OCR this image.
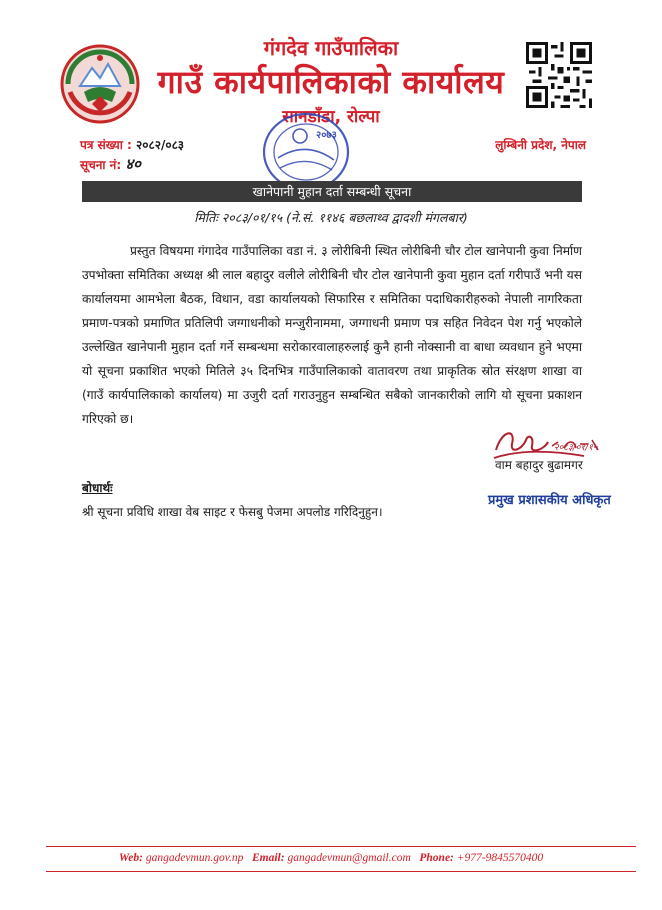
गंगदेव गाउँपालिका
गाउँ कार्यपालिकाको कार्यालय
सानडाँडा, रोल्पा
पत्र संख्या : २०८२/०८३
सूचना नं: ४०
लुम्बिनी प्रदेश, नेपाल
२०७३
खानेपानी मुहान दर्ता सम्बन्धी सूचना
मितिः २०८३/०१/१५ (ने.सं. ११४६ बछलाथ्व द्वादशी मंगलबार)
प्रस्तुत विषयमा गंगादेव गाउँपालिका वडा नं. ३ लोरीबिनी स्थित लोरीबिनी चौर टोल खानेपानी कुवा निर्माण उपभोक्ता समितिका अध्यक्ष श्री लाल बहादुर वलीले लोरीबिनी चौर टोल खानेपानी कुवा मुहान दर्ता गरीपाउँ भनी यस कार्यालयमा आमभेला बैठक, विधान, वडा कार्यालयको सिफारिस र समितिका पदाधिकारीहरुको नेपाली नागरिकता प्रमाण-पत्रको प्रमाणित प्रतिलिपी जग्गाधनीको मन्जुरीनाममा, जग्गाधनी प्रमाण पत्र सहित निवेदन पेश गर्नु भएकोले उल्लेखित खानेपानी मुहान दर्ता गर्ने सम्बन्धमा सरोकारवालाहरुलाई कुनै हानी नोक्सानी वा बाधा व्यवधान हुने भएमा यो सूचना प्रकाशित भएको मितिले ३५ दिनभित्र गाउँपालिकाको वातावरण तथा प्राकृतिक स्रोत संरक्षण शाखा वा (गाउँ कार्यपालिकाको कार्यालय) मा उजुरी दर्ता गराउनुहुन सम्बन्धित सबैको जानकारीको लागि यो सूचना प्रकाशन गरिएको छ।
२०८३/०१/१५
वाम बहादुर बुढामगर
प्रमुख प्रशासकीय अधिकृत
बोधार्थः
श्री सूचना प्रविधि शाखा वेब साइट र फेसबु पेजमा अपलोड गरिदिनुहुन।
Web: gangadevmun.gov.np Email: gangadevmun@gmail.com Phone: +977-9845570400
